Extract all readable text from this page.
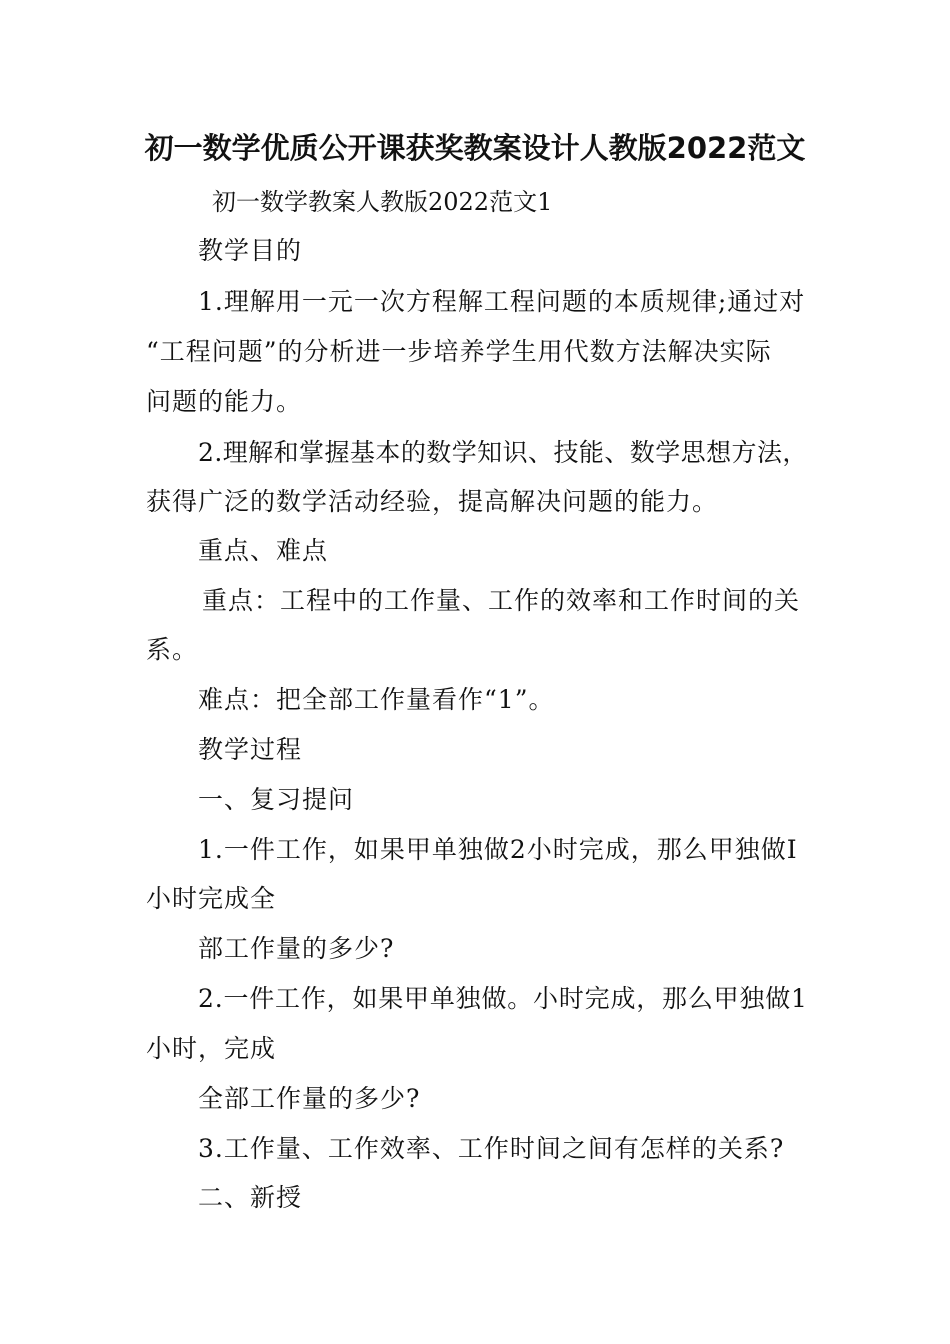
初一数学优质公开课获奖教案设计人教版2022范文
初一数学教案人教版2022范文1
教学目的
1.理解用一元一次方程解工程问题的本质规律;通过对
“工程问题”的分析进一步培养学生用代数方法解决实际
问题的能力。
2.理解和掌握基本的数学知识、技能、数学思想方法，
获得广泛的数学活动经验，提高解决问题的能力。
重点、难点
重点：工程中的工作量、工作的效率和工作时间的关
系。
难点：把全部工作量看作“1”。
教学过程
一、复习提问
1.一件工作，如果甲单独做2小时完成，那么甲独做I
小时完成全
部工作量的多少?
2.一件工作，如果甲单独做。小时完成，那么甲独做1
小时，完成
全部工作量的多少?
3.工作量、工作效率、工作时间之间有怎样的关系?
二、新授
